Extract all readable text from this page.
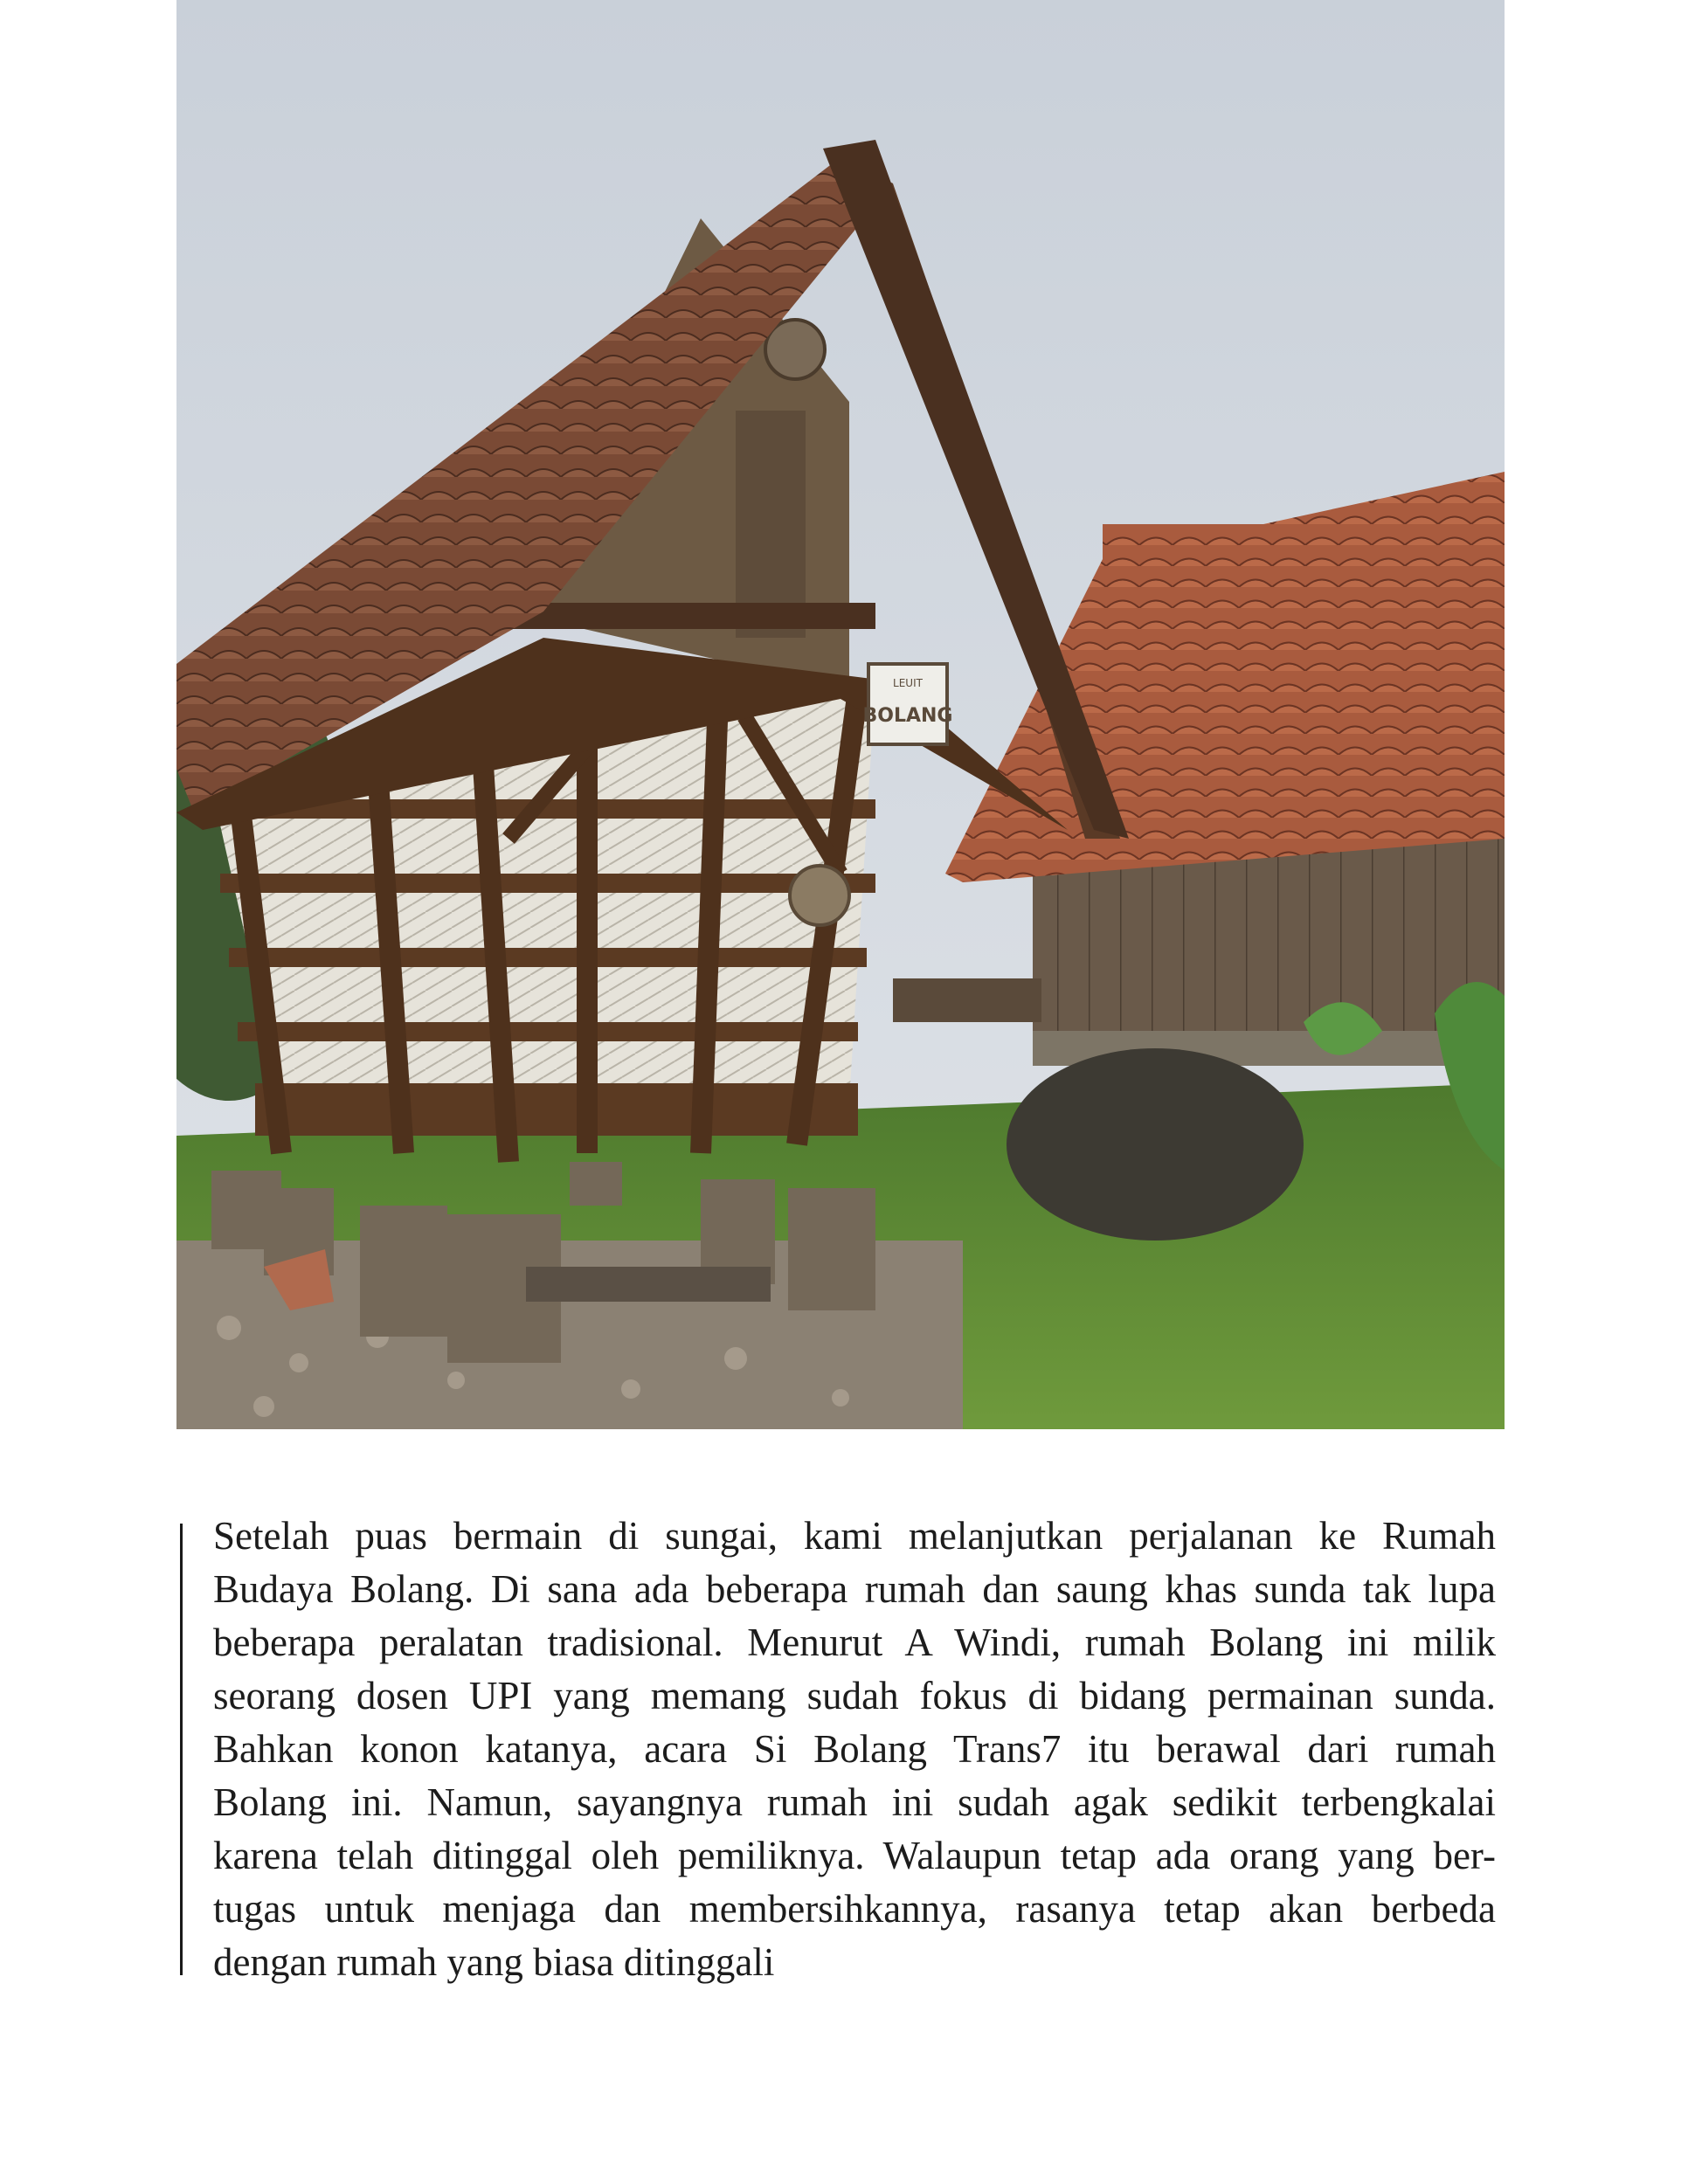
LEUIT
BOLANG
Setelah puas bermain di sungai, kami melanjutkan perjalanan ke Rumah
Budaya Bolang. Di sana ada beberapa rumah dan saung khas sunda tak lupa
beberapa peralatan tradisional. Menurut A Windi, rumah Bolang ini milik
seorang dosen UPI yang memang sudah fokus di bidang permainan sunda.
Bahkan konon katanya, acara Si Bolang Trans7 itu berawal dari rumah
Bolang ini. Namun, sayangnya rumah ini sudah agak sedikit terbengkalai
karena telah ditinggal oleh pemiliknya. Walaupun tetap ada orang yang ber-
tugas untuk menjaga dan membersihkannya, rasanya tetap akan berbeda
dengan rumah yang biasa ditinggali
